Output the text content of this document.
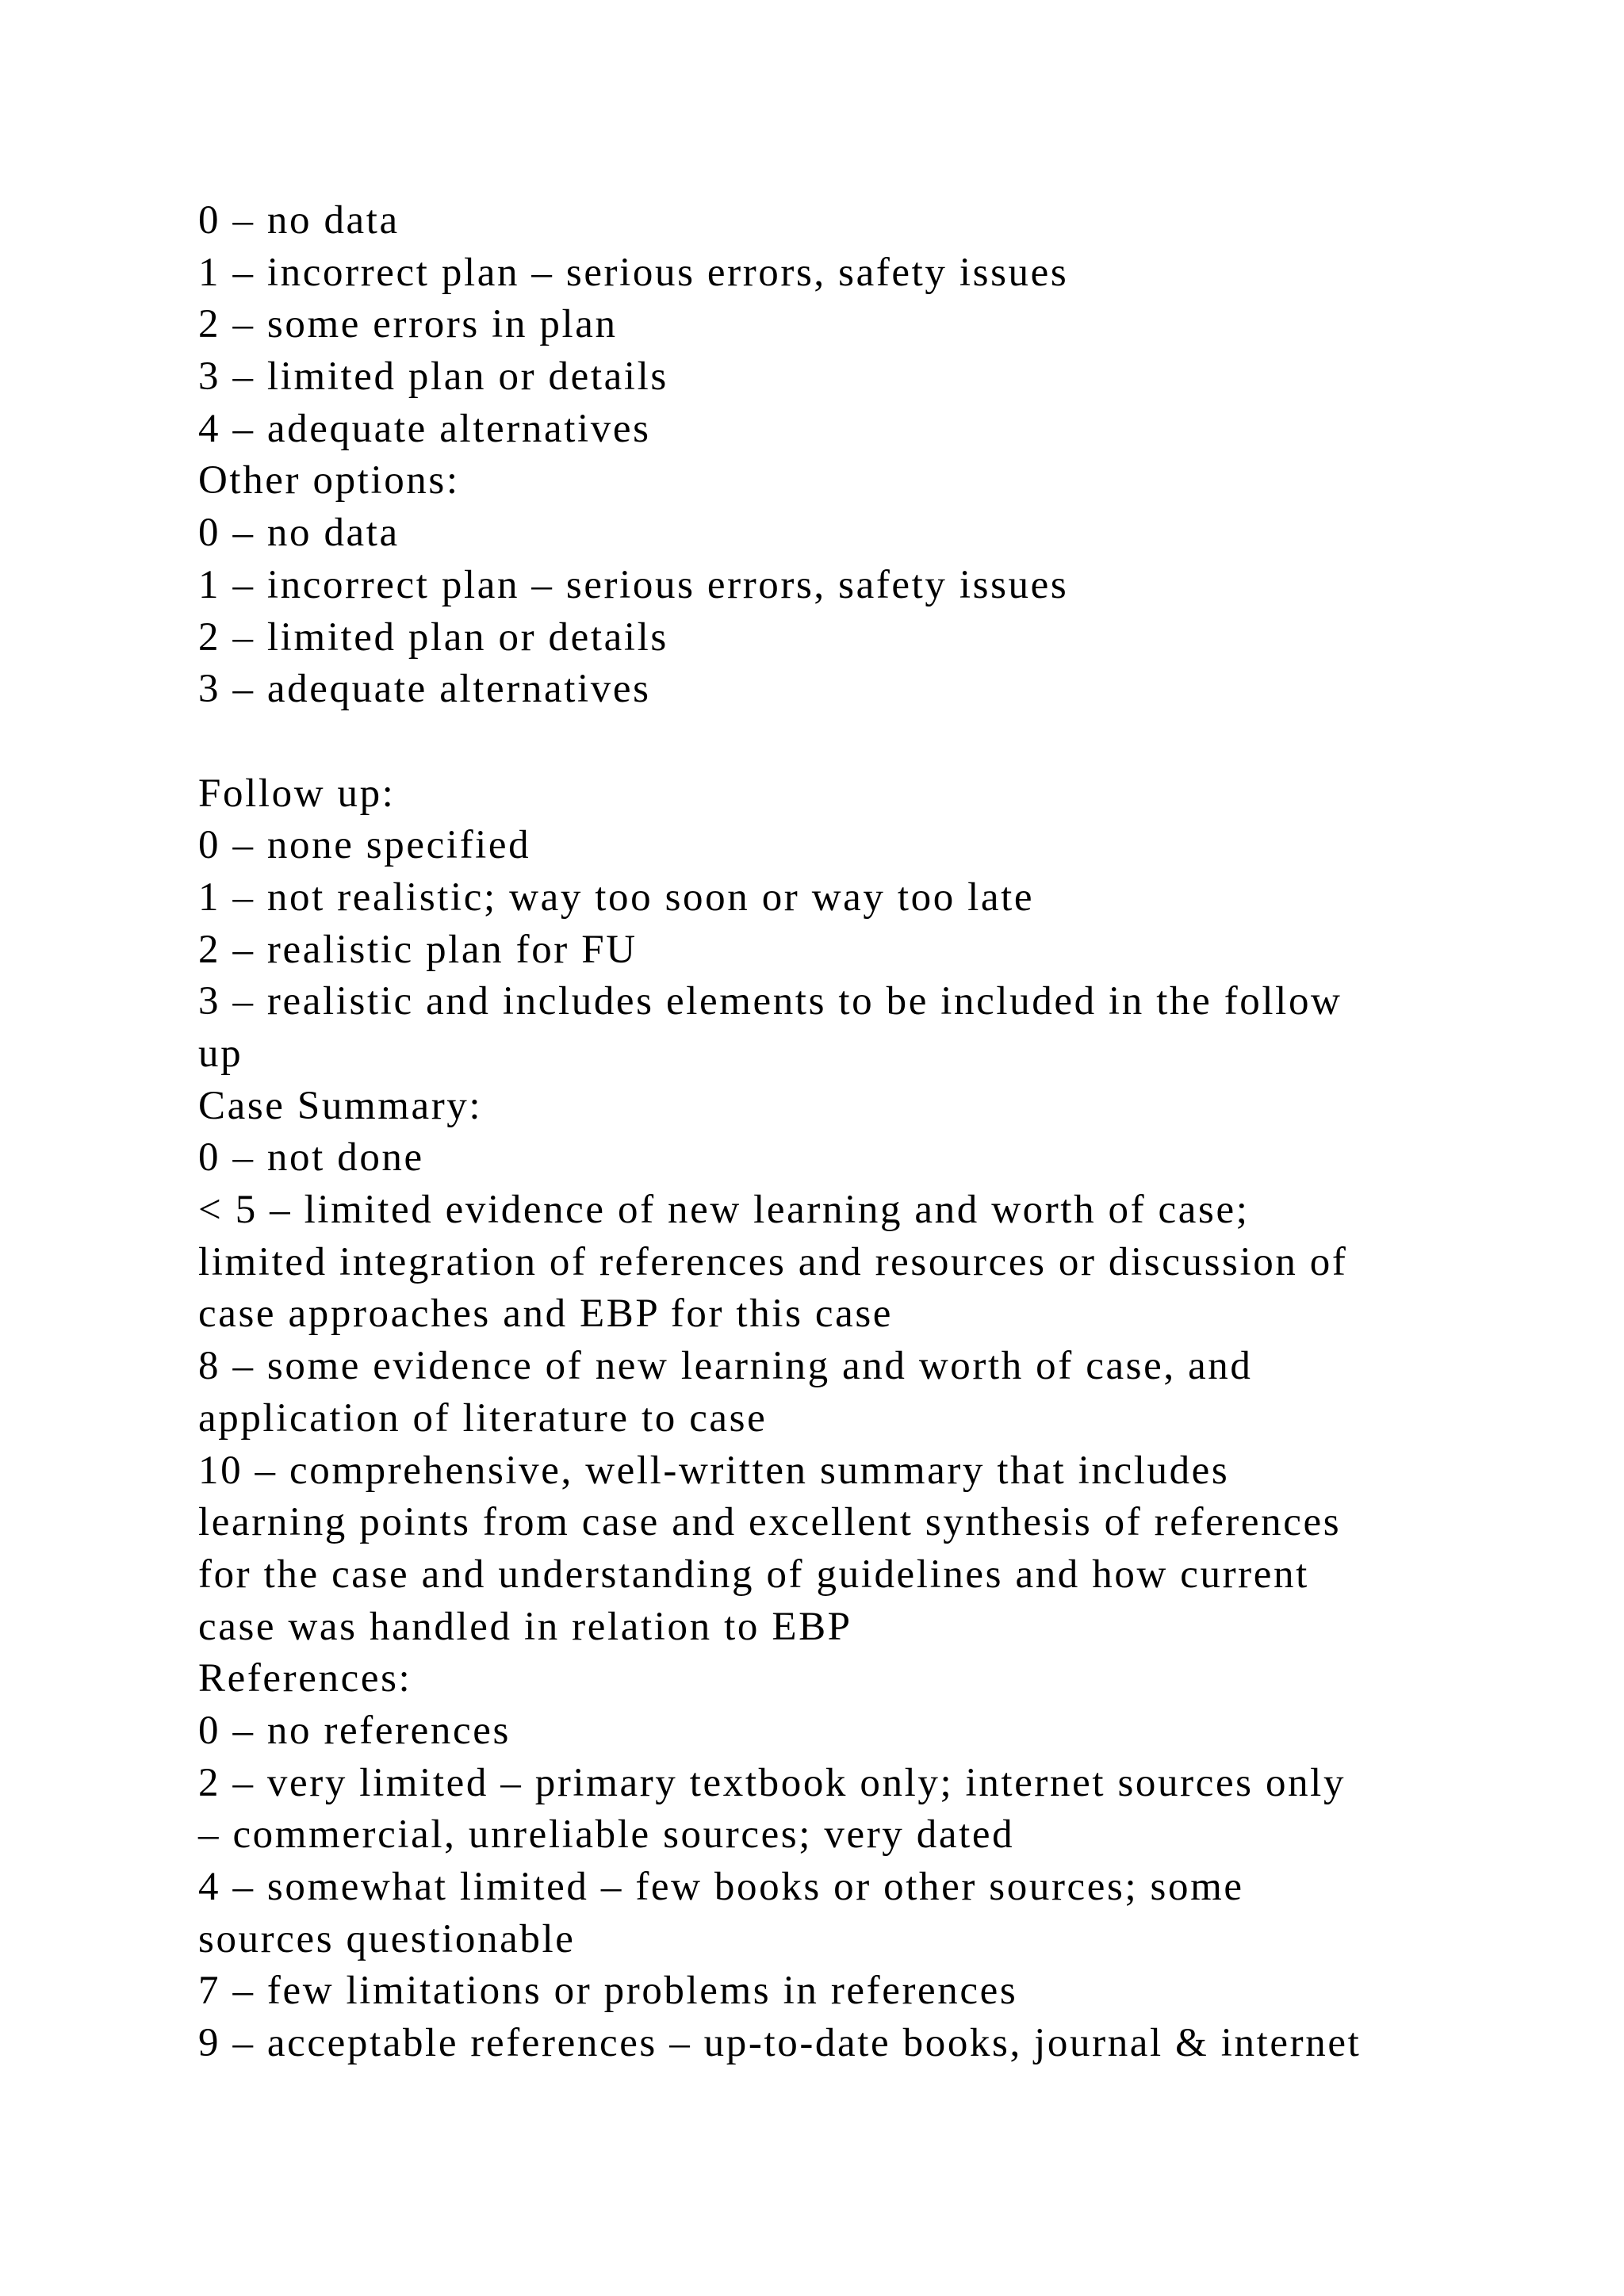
0 – no data
1 – incorrect plan – serious errors, safety issues
2 – some errors in plan
3 – limited plan or details
4 – adequate alternatives
Other options:
0 – no data
1 – incorrect plan – serious errors, safety issues
2 – limited plan or details
3 – adequate alternatives
Follow up:
0 – none specified
1 – not realistic; way too soon or way too late
2 – realistic plan for FU
3 – realistic and includes elements to be included in the follow
up
Case Summary:
0 – not done
< 5 – limited evidence of new learning and worth of case;
limited integration of references and resources or discussion of
case approaches and EBP for this case
8 – some evidence of new learning and worth of case, and
application of literature to case
10 – comprehensive, well-written summary that includes
learning points from case and excellent synthesis of references
for the case and understanding of guidelines and how current
case was handled in relation to EBP
References:
0 – no references
2 – very limited – primary textbook only; internet sources only
– commercial, unreliable sources; very dated
4 – somewhat limited – few books or other sources; some
sources questionable
7 – few limitations or problems in references
9 – acceptable references – up-to-date books, journal & internet
